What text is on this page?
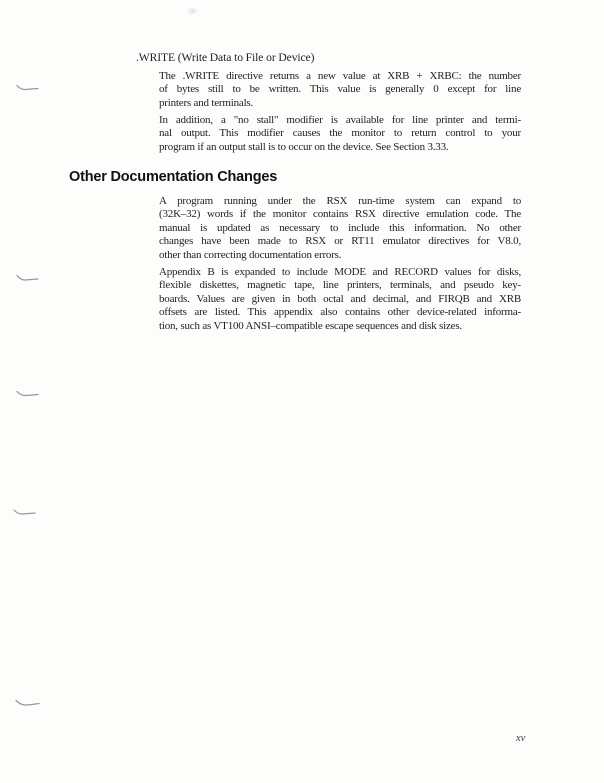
.WRITE (Write Data to File or Device)
The .WRITE directive returns a new value at XRB + XRBC: the number
of bytes still to be written. This value is generally 0 except for line
printers and terminals.
In addition, a "no stall" modifier is available for line printer and termi-
nal output. This modifier causes the monitor to return control to your
program if an output stall is to occur on the device. See Section 3.33.
Other Documentation Changes
A program running under the RSX run-time system can expand to
(32K–32) words if the monitor contains RSX directive emulation code. The
manual is updated as necessary to include this information. No other
changes have been made to RSX or RT11 emulator directives for V8.0,
other than correcting documentation errors.
Appendix B is expanded to include MODE and RECORD values for disks,
flexible diskettes, magnetic tape, line printers, terminals, and pseudo key-
boards. Values are given in both octal and decimal, and FIRQB and XRB
offsets are listed. This appendix also contains other device-related informa-
tion, such as VT100 ANSI–compatible escape sequences and disk sizes.
xv
